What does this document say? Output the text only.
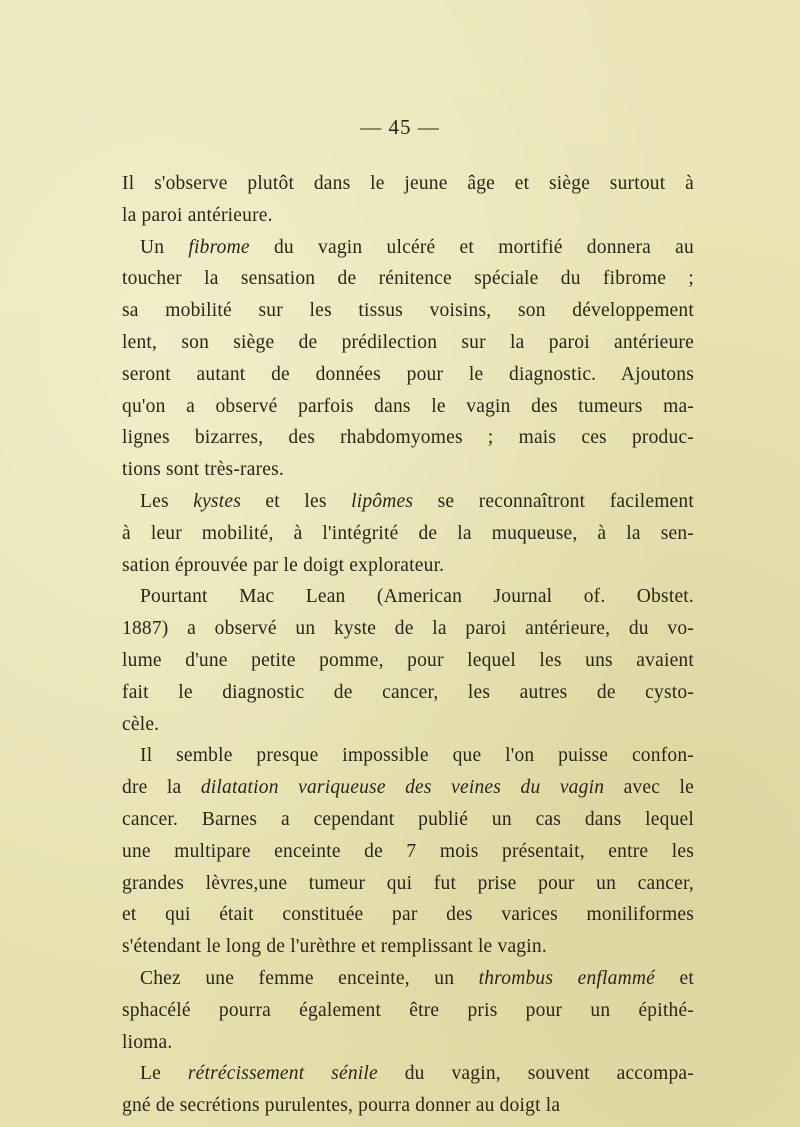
— 45 —
Il s'observe plutôt dans le jeune âge et siège surtout à
la paroi antérieure.
Un fibrome du vagin ulcéré et mortifié donnera au
toucher la sensation de rénitence spéciale du fibrome ;
sa mobilité sur les tissus voisins, son développement
lent, son siège de prédilection sur la paroi antérieure
seront autant de données pour le diagnostic. Ajoutons
qu'on a observé parfois dans le vagin des tumeurs ma-
lignes bizarres, des rhabdomyomes ; mais ces produc-
tions sont très-rares.
Les kystes et les lipômes se reconnaîtront facilement
à leur mobilité, à l'intégrité de la muqueuse, à la sen-
sation éprouvée par le doigt explorateur.
Pourtant Mac Lean (American Journal of. Obstet.
1887) a observé un kyste de la paroi antérieure, du vo-
lume d'une petite pomme, pour lequel les uns avaient
fait le diagnostic de cancer, les autres de cysto-
cèle.
Il semble presque impossible que l'on puisse confon-
dre la dilatation variqueuse des veines du vagin avec le
cancer. Barnes a cependant publié un cas dans lequel
une multipare enceinte de 7 mois présentait, entre les
grandes lèvres,une tumeur qui fut prise pour un cancer,
et qui était constituée par des varices moniliformes
s'étendant le long de l'urèthre et remplissant le vagin.
Chez une femme enceinte, un thrombus enflammé et
sphacélé pourra également être pris pour un épithé-
lioma.
Le rétrécissement sénile du vagin, souvent accompa-
gné de secrétions purulentes, pourra donner au doigt la
